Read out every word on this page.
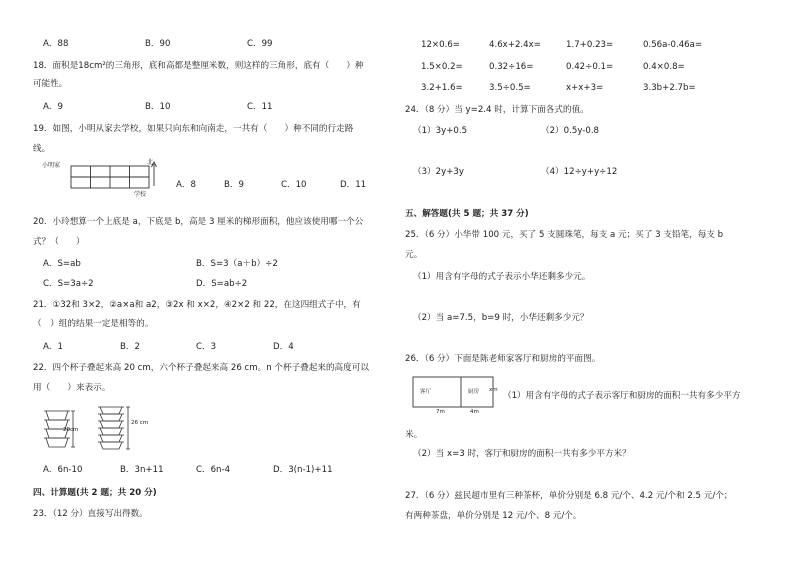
A．88	B．90	C．99
18．面积是18cm²的三角形，底和高都是整厘米数，则这样的三角形，底有（　　）种
可能性。
A．9	B．10	C．11
19．如图，小明从家去学校，如果只向东和向南走，一共有（　　）种不同的行走路
线。
小明家	北
学校
A．8	B．9	C．10	D．11
20．小玲想算一个上底是 a，下底是 b，高是 3 厘米的梯形面积，他应该使用哪一个公
式？（　　）
A．S=ab	B．S=3（a＋b）÷2
C．S=3a÷2	D．S=ab÷2
21．①32和 3×2，②a×a和 a2，③2x 和 x×2，④2×2 和 22，在这四组式子中，有
（　）组的结果一定是相等的。
A．1	B．2	C．3	D．4
22．四个杯子叠起来高 20 cm，六个杯子叠起来高 26 cm。n 个杯子叠起来的高度可以
用（　　）来表示。
20cm
26 cm
A．6n-10	B．3n+11	C．6n-4	D．3(n-1)+11
四、计算题(共 2 题；共 20 分)
23．（12 分）直接写出得数。
12×0.6=	4.6x+2.4x=	1.7+0.23=	0.56a-0.46a=
1.5×0.2=	0.32÷16=	0.42÷0.1=	0.4×0.8=
3.2+1.6=	3.5÷0.5=	x+x+3=	3.3b+2.7b=
24．（8 分）当 y=2.4 时，计算下面各式的值。
（1）3y+0.5	（2）0.5y-0.8
（3）2y+3y	（4）12÷y+y÷12
五、解答题(共 5 题；共 37 分)
25．（6 分）小华带 100 元，买了 5 支圆珠笔，每支 a 元；买了 3 支铅笔，每支 b
元。
（1）用含有字母的式子表示小华还剩多少元。
（2）当 a=7.5，b=9 时，小华还剩多少元？
26．（6 分）下面是陈老师家客厅和厨房的平面图。
客厅	厨房
7m	4m
xm
（1）用含有字母的式子表示客厅和厨房的面积一共有多少平方
米。
（2）当 x=3 时，客厅和厨房的面积一共有多少平方米？
27．（6 分）兹民超市里有三种茶杯，单价分别是 6.8 元/个、4.2 元/个和 2.5 元/个；
有两种茶盘，单价分别是 12 元/个、8 元/个。
